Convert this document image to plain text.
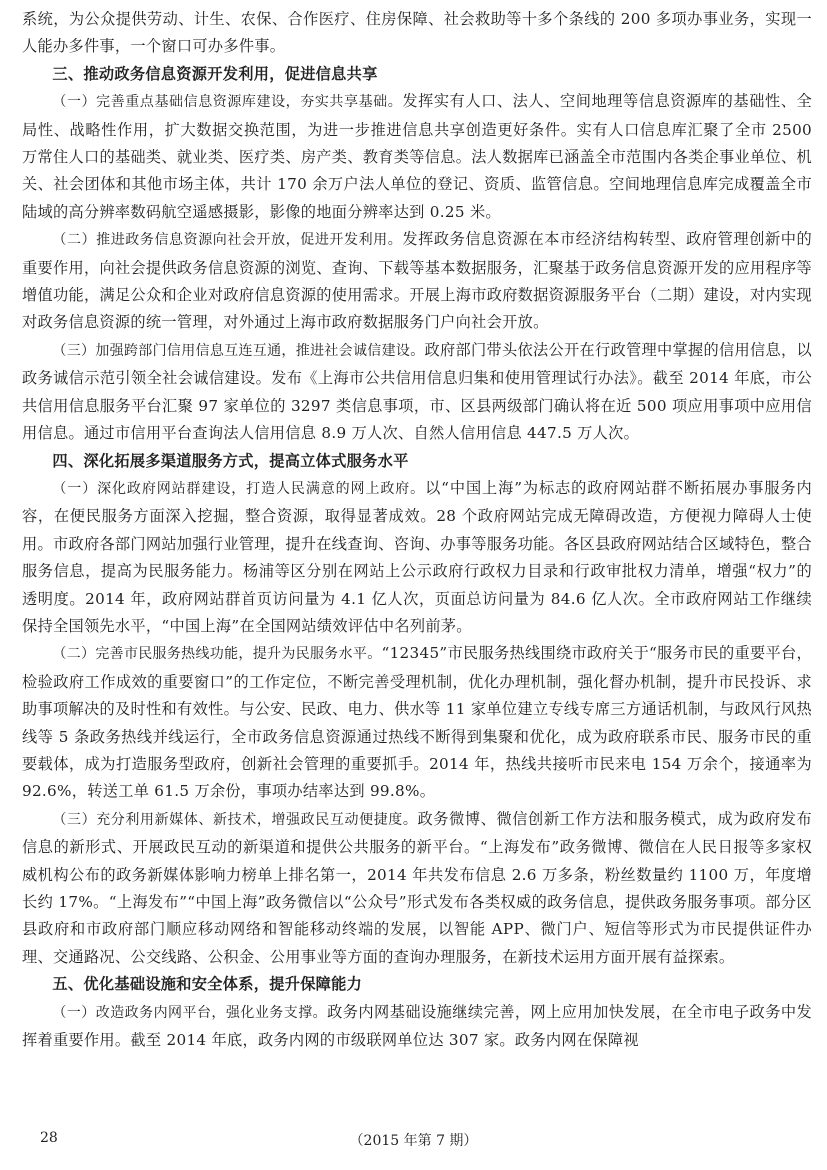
系统，为公众提供劳动、计生、农保、合作医疗、住房保障、社会救助等十多个条线的 200 多项办事业务，实现一人能办多件事，一个窗口可办多件事。

三、推动政务信息资源开发利用，促进信息共享

（一）完善重点基础信息资源库建设，夯实共享基础。发挥实有人口、法人、空间地理等信息资源库的基础性、全局性、战略性作用，扩大数据交换范围，为进一步推进信息共享创造更好条件。实有人口信息库汇聚了全市 2500 万常住人口的基础类、就业类、医疗类、房产类、教育类等信息。法人数据库已涵盖全市范围内各类企事业单位、机关、社会团体和其他市场主体，共计 170 余万户法人单位的登记、资质、监管信息。空间地理信息库完成覆盖全市陆域的高分辨率数码航空遥感摄影，影像的地面分辨率达到 0.25 米。

（二）推进政务信息资源向社会开放，促进开发利用。发挥政务信息资源在本市经济结构转型、政府管理创新中的重要作用，向社会提供政务信息资源的浏览、查询、下载等基本数据服务，汇聚基于政务信息资源开发的应用程序等增值功能，满足公众和企业对政府信息资源的使用需求。开展上海市政府数据资源服务平台（二期）建设，对内实现对政务信息资源的统一管理，对外通过上海市政府数据服务门户向社会开放。

（三）加强跨部门信用信息互连互通，推进社会诚信建设。政府部门带头依法公开在行政管理中掌握的信用信息，以政务诚信示范引领全社会诚信建设。发布《上海市公共信用信息归集和使用管理试行办法》。截至 2014 年底，市公共信用信息服务平台汇聚 97 家单位的 3297 类信息事项，市、区县两级部门确认将在近 500 项应用事项中应用信用信息。通过市信用平台查询法人信用信息 8.9 万人次、自然人信用信息 447.5 万人次。

四、深化拓展多渠道服务方式，提高立体式服务水平

（一）深化政府网站群建设，打造人民满意的网上政府。以“中国上海”为标志的政府网站群不断拓展办事服务内容，在便民服务方面深入挖掘，整合资源，取得显著成效。28 个政府网站完成无障碍改造，方便视力障碍人士使用。市政府各部门网站加强行业管理，提升在线查询、咨询、办事等服务功能。各区县政府网站结合区域特色，整合服务信息，提高为民服务能力。杨浦等区分别在网站上公示政府行政权力目录和行政审批权力清单，增强“权力”的透明度。2014 年，政府网站群首页访问量为 4.1 亿人次，页面总访问量为 84.6 亿人次。全市政府网站工作继续保持全国领先水平，“中国上海”在全国网站绩效评估中名列前茅。

（二）完善市民服务热线功能，提升为民服务水平。“12345”市民服务热线围绕市政府关于“服务市民的重要平台，检验政府工作成效的重要窗口”的工作定位，不断完善受理机制，优化办理机制，强化督办机制，提升市民投诉、求助事项解决的及时性和有效性。与公安、民政、电力、供水等 11 家单位建立专线专席三方通话机制，与政风行风热线等 5 条政务热线并线运行，全市政务信息资源通过热线不断得到集聚和优化，成为政府联系市民、服务市民的重要载体，成为打造服务型政府，创新社会管理的重要抓手。2014 年，热线共接听市民来电 154 万余个，接通率为 92.6%，转送工单 61.5 万余份，事项办结率达到 99.8%。

（三）充分利用新媒体、新技术，增强政民互动便捷度。政务微博、微信创新工作方法和服务模式，成为政府发布信息的新形式、开展政民互动的新渠道和提供公共服务的新平台。“上海发布”政务微博、微信在人民日报等多家权威机构公布的政务新媒体影响力榜单上排名第一，2014 年共发布信息 2.6 万多条，粉丝数量约 1100 万，年度增长约 17%。“上海发布”“中国上海”政务微信以“公众号”形式发布各类权威的政务信息，提供政务服务事项。部分区县政府和市政府部门顺应移动网络和智能移动终端的发展，以智能 APP、微门户、短信等形式为市民提供证件办理、交通路况、公交线路、公积金、公用事业等方面的查询办理服务，在新技术运用方面开展有益探索。

五、优化基础设施和安全体系，提升保障能力

（一）改造政务内网平台，强化业务支撑。政务内网基础设施继续完善，网上应用加快发展，在全市电子政务中发挥着重要作用。截至 2014 年底，政务内网的市级联网单位达 307 家。政务内网在保障视

28	（2015 年第 7 期）
